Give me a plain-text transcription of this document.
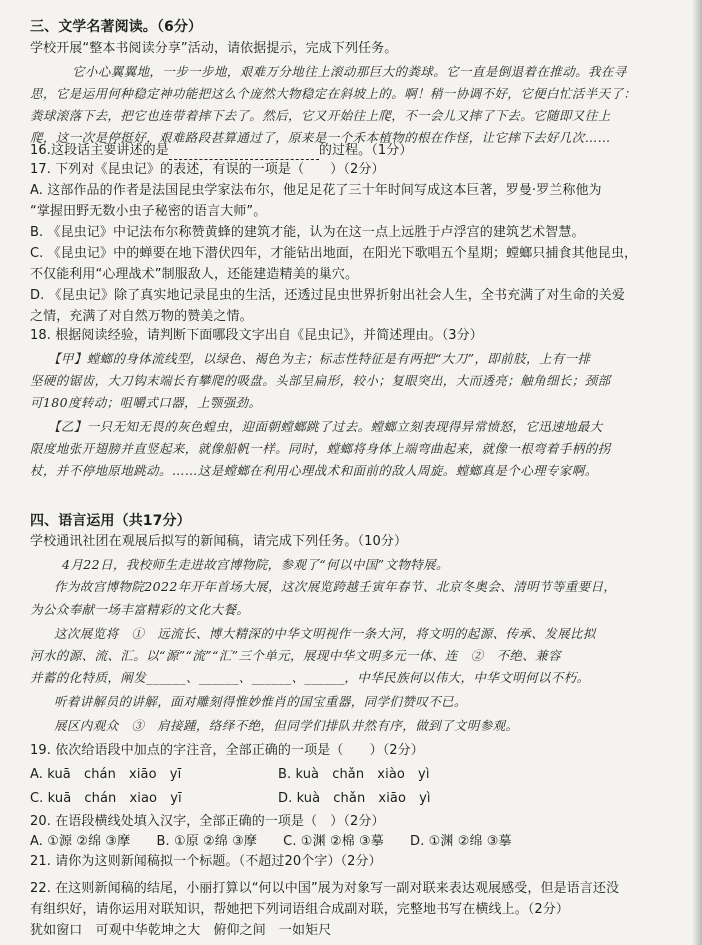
三、文学名著阅读。（6分）
学校开展“整本书阅读分享”活动，请依据提示，完成下列任务。
它小心翼翼地，一步一步地，艰难万分地往上滚动那巨大的粪球。它一直是倒退着在推动。我在寻
思，它是运用何种稳定神功能把这么个庞然大物稳定在斜坡上的。啊！稍一协调不好，它便白忙活半天了：
粪球滚落下去，把它也连带着摔下去了。然后，它又开始往上爬，不一会儿又摔了下去。它随即又往上
爬，这一次是停挺好，艰难路段甚算通过了，原来是一个禾本植物的根在作怪，让它摔下去好几次……
16.这段话主要讲述的是	的过程。（1分）
17. 下列对《昆虫记》的表述，有误的一项是（　　）（2分）
A. 这部作品的作者是法国昆虫学家法布尔，他足足花了三十年时间写成这本巨著，罗曼·罗兰称他为
“掌握田野无数小虫子秘密的语言大师”。
B. 《昆虫记》中记法布尔称赞黄蜂的建筑才能，认为在这一点上远胜于卢浮宫的建筑艺术智慧。
C. 《昆虫记》中的蝉要在地下潜伏四年，才能钻出地面，在阳光下歌唱五个星期；螳螂只捕食其他昆虫，
不仅能利用“心理战术”制服敌人，还能建造精美的巢穴。
D. 《昆虫记》除了真实地记录昆虫的生活，还透过昆虫世界折射出社会人生，全书充满了对生命的关爱
之情，充满了对自然万物的赞美之情。
18. 根据阅读经验，请判断下面哪段文字出自《昆虫记》，并简述理由。（3分）
【甲】螳螂的身体流线型，以绿色、褐色为主；标志性特征是有两把“大刀”，即前肢，上有一排
坚硬的锯齿，大刀钩末端长有攀爬的吸盘。头部呈扁形，较小；复眼突出，大而透亮；触角细长；颈部
可180度转动；咀嚼式口器，上颚强劲。
【乙】一只无知无畏的灰色蝗虫，迎面朝螳螂跳了过去。螳螂立刻表现得异常愤怒，它迅速地最大
限度地张开翅膀并直竖起来，就像船帆一样。同时，螳螂将身体上端弯曲起来，就像一根弯着手柄的拐
杖，并不停地原地跳动。……这是螳螂在利用心理战术和面前的敌人周旋。螳螂真是个心理专家啊。
四、语言运用（共17分）
学校通讯社团在观展后拟写的新闻稿，请完成下列任务。（10分）
4月22日，我校师生走进故宫博物院，参观了“何以中国”文物特展。
作为故宫博物院2022年开年首场大展，这次展览跨越壬寅年春节、北京冬奥会、清明节等重要日，
为公众奉献一场丰富精彩的文化大餐。
这次展览将　①　远流长、博大精深的中华文明视作一条大河，将文明的起源、传承、发展比拟
河水的源、流、汇。以“源”“流”“汇”三个单元，展现中华文明多元一体、连　②　不绝、兼容
并蓄的化特质，阐发______、______、______、______，中华民族何以伟大，中华文明何以不朽。
听着讲解员的讲解，面对雕刻得惟妙惟肖的国宝重器，同学们赞叹不已。
展区内观众　③　肩接踵，络绎不绝，但同学们排队井然有序，做到了文明参观。
19. 依次给语段中加点的字注音，全部正确的一项是（　　）（2分）
A. kuā　chán　xiāo　yī	B. kuà　chǎn　xiào　yì
C. kuā　chán　xiao　yī	D. kuà　chǎn　xiāo　yì
20. 在语段横线处填入汉字，全部正确的一项是（　）（2分）
A. ①源 ②绵 ③摩　　B. ①原 ②绵 ③摩　　C. ①渊 ②棉 ③摹　　D. ①渊 ②绵 ③摹
21. 请你为这则新闻稿拟一个标题。（不超过20个字）（2分）
22. 在这则新闻稿的结尾，小丽打算以“何以中国”展为对象写一副对联来表达观展感受，但是语言还没
有组织好，请你运用对联知识，帮她把下列词语组合成副对联，完整地书写在横线上。（2分）
犹如窗口　可观中华乾坤之大　俯仰之间　一如矩尺
